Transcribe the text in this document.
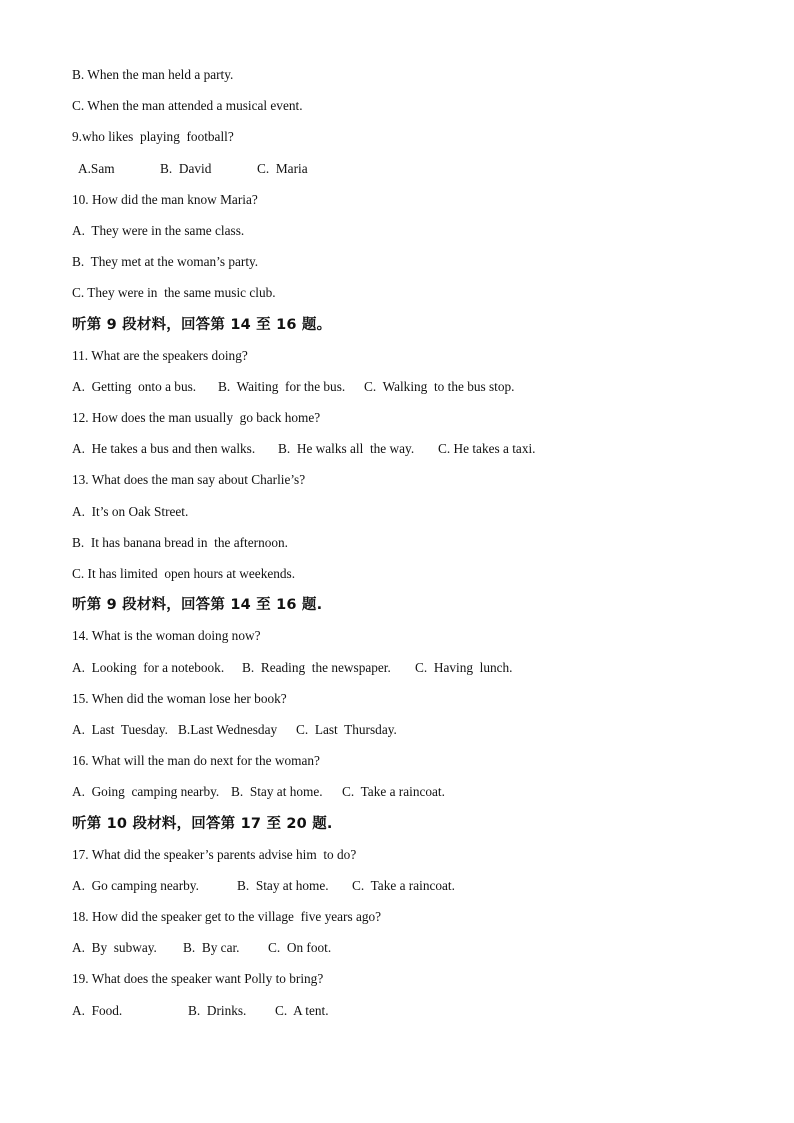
B. When the man held a party.
C. When the man attended a musical event.
9.who likes  playing  football?
A.Sam	B.  David	C.  Maria
10. How did the man know Maria?
A.  They were in the same class.
B.  They met at the woman’s party.
C. They were in  the same music club.
听第 9 段材料，回答第 14 至 16 题。
11. What are the speakers doing?
A.  Getting  onto a bus. B.  Waiting  for the bus. C.  Walking  to the bus stop.
12. How does the man usually  go back home?
A.  He takes a bus and then walks. B.  He walks all  the way. C. He takes a taxi.
13. What does the man say about Charlie’s?
A.  It’s on Oak Street.
B.  It has banana bread in  the afternoon.
C. It has limited  open hours at weekends.
听第 9 段材料，回答第 14 至 16 题.
14. What is the woman doing now?
A.  Looking  for a notebook. B.  Reading  the newspaper. C.  Having  lunch.
15. When did the woman lose her book?
A.  Last  Tuesday. B.Last Wednesday C.  Last  Thursday.
16. What will the man do next for the woman?
A.  Going  camping nearby. B.  Stay at home. C.  Take a raincoat.
听第 10 段材料，回答第 17 至 20 题.
17. What did the speaker’s parents advise him  to do?
A.  Go camping nearby.	B.  Stay at home. C.  Take a raincoat.
18. How did the speaker get to the village  five years ago?
A.  By  subway. B.  By car. C.  On foot.
19. What does the speaker want Polly to bring?
A.  Food.	B.  Drinks. C.  A tent.
